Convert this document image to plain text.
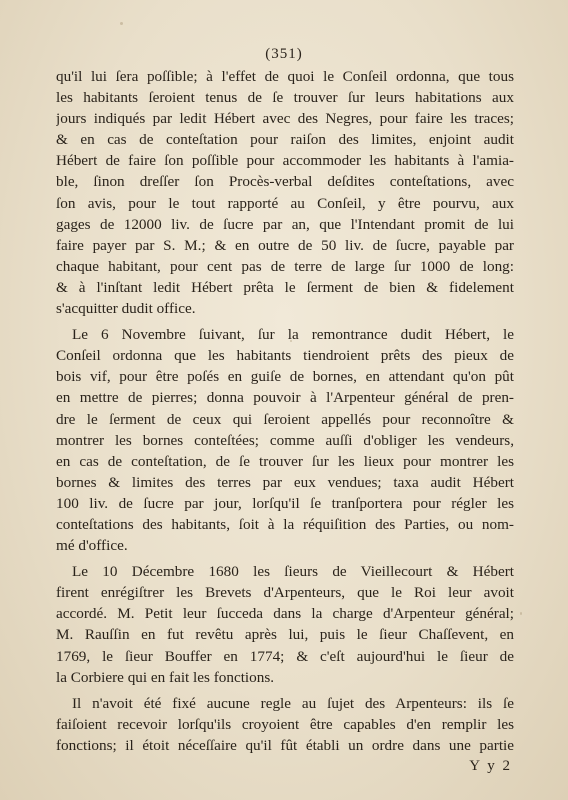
(351)
qu'il lui ſera poſſible; à l'effet de quoi le Conſeil ordonna, que tous
les habitants ſeroient tenus de ſe trouver ſur leurs habitations aux
jours indiqués par ledit Hébert avec des Negres, pour faire les traces;
& en cas de conteſtation pour raiſon des limites, enjoint audit
Hébert de faire ſon poſſible pour accommoder les habitants à l'amia-
ble, ſinon dreſſer ſon Procès-verbal deſdites conteſtations, avec
ſon avis, pour le tout rapporté au Conſeil, y être pourvu, aux
gages de 12000 liv. de ſucre par an, que l'Intendant promit de lui
faire payer par S. M.; & en outre de 50 liv. de ſucre, payable par
chaque habitant, pour cent pas de terre de large ſur 1000 de long:
& à l'inſtant ledit Hébert prêta le ſerment de bien & fidelement
s'acquitter dudit office.
Le 6 Novembre ſuivant, ſur la remontrance dudit Hébert, le
Conſeil ordonna que les habitants tiendroient prêts des pieux de
bois vif, pour être poſés en guiſe de bornes, en attendant qu'on pût
en mettre de pierres; donna pouvoir à l'Arpenteur général de pren-
dre le ſerment de ceux qui ſeroient appellés pour reconnoître &
montrer les bornes conteſtées; comme auſſi d'obliger les vendeurs,
en cas de conteſtation, de ſe trouver ſur les lieux pour montrer les
bornes & limites des terres par eux vendues; taxa audit Hébert
100 liv. de ſucre par jour, lorſqu'il ſe tranſportera pour régler les
conteſtations des habitants, ſoit à la réquiſition des Parties, ou nom-
mé d'office.
Le 10 Décembre 1680 les ſieurs de Vieillecourt & Hébert
firent enrégiſtrer les Brevets d'Arpenteurs, que le Roi leur avoit
accordé. M. Petit leur ſucceda dans la charge d'Arpenteur général;
M. Rauſſin en fut revêtu après lui, puis le ſieur Chaſſevent, en
1769, le ſieur Bouffer en 1774; & c'eſt aujourd'hui le ſieur de
la Corbiere qui en fait les fonctions.
Il n'avoit été fixé aucune regle au ſujet des Arpenteurs: ils ſe
faiſoient recevoir lorſqu'ils croyoient être capables d'en remplir les
fonctions; il étoit néceſſaire qu'il fût établi un ordre dans une partie
Y y 2
